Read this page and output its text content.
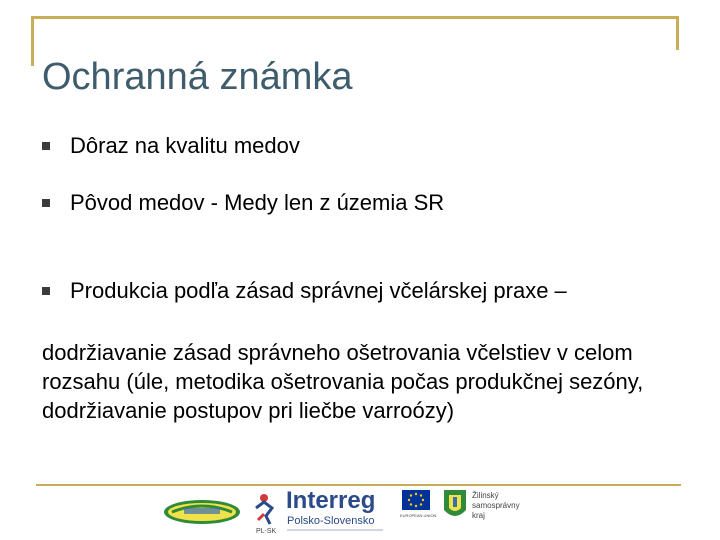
Ochranná známka
Dôraz na kvalitu medov
Pôvod medov - Medy len z územia SR
Produkcia podľa zásad správnej včelárskej praxe –
dodržiavanie zásad správneho ošetrovania včelstiev v celom rozsahu (úle, metodika ošetrovania počas produkčnej sezóny, dodržiavanie postupov pri liečbe varroózy)
PL-SK
Interreg
Polsko-Slovensko	EUROPEAN UNION
Žilinský
samosprávny
kraj
